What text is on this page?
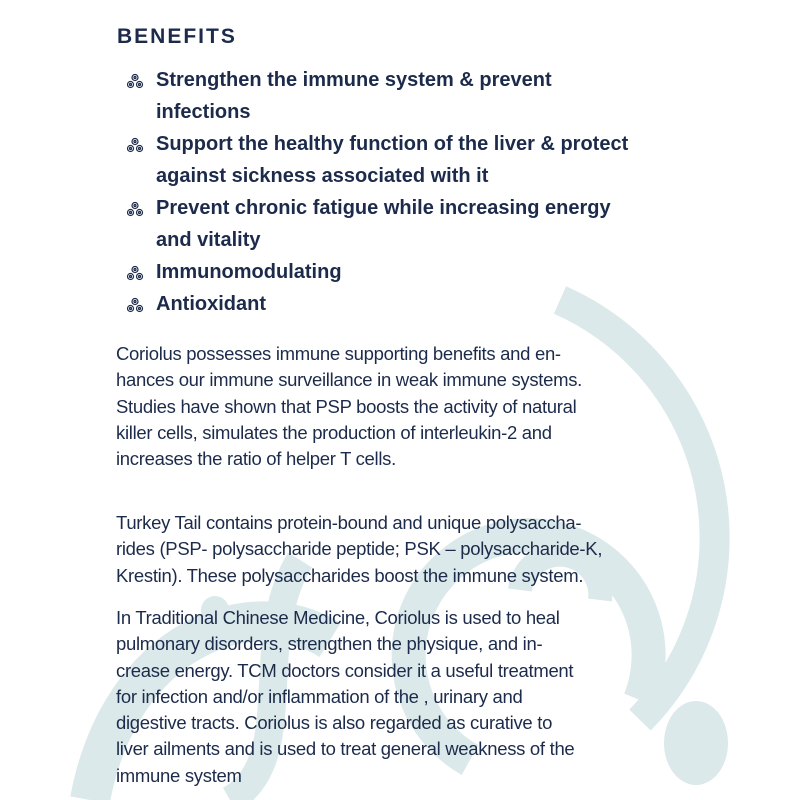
BENEFITS
Strengthen the immune system & prevent
infections
Support the healthy function of the liver & protect
against sickness associated with it
Prevent chronic fatigue while increasing energy
and vitality
Immunomodulating
Antioxidant
Coriolus possesses immune supporting benefits and en-
hances our immune surveillance in weak immune systems.
Studies have shown that PSP boosts the activity of natural
killer cells, simulates the production of interleukin-2 and
increases the ratio of helper T cells.
Turkey Tail contains protein-bound and unique polysaccha-
rides (PSP- polysaccharide peptide; PSK – polysaccharide-K,
Krestin). These polysaccharides boost the immune system.
In Traditional Chinese Medicine, Coriolus is used to heal
pulmonary disorders, strengthen the physique, and in-
crease energy. TCM doctors consider it a useful treatment
for infection and/or inflammation of the , urinary and
digestive tracts. Coriolus is also regarded as curative to
liver ailments and is used to treat general weakness of the
immune system
